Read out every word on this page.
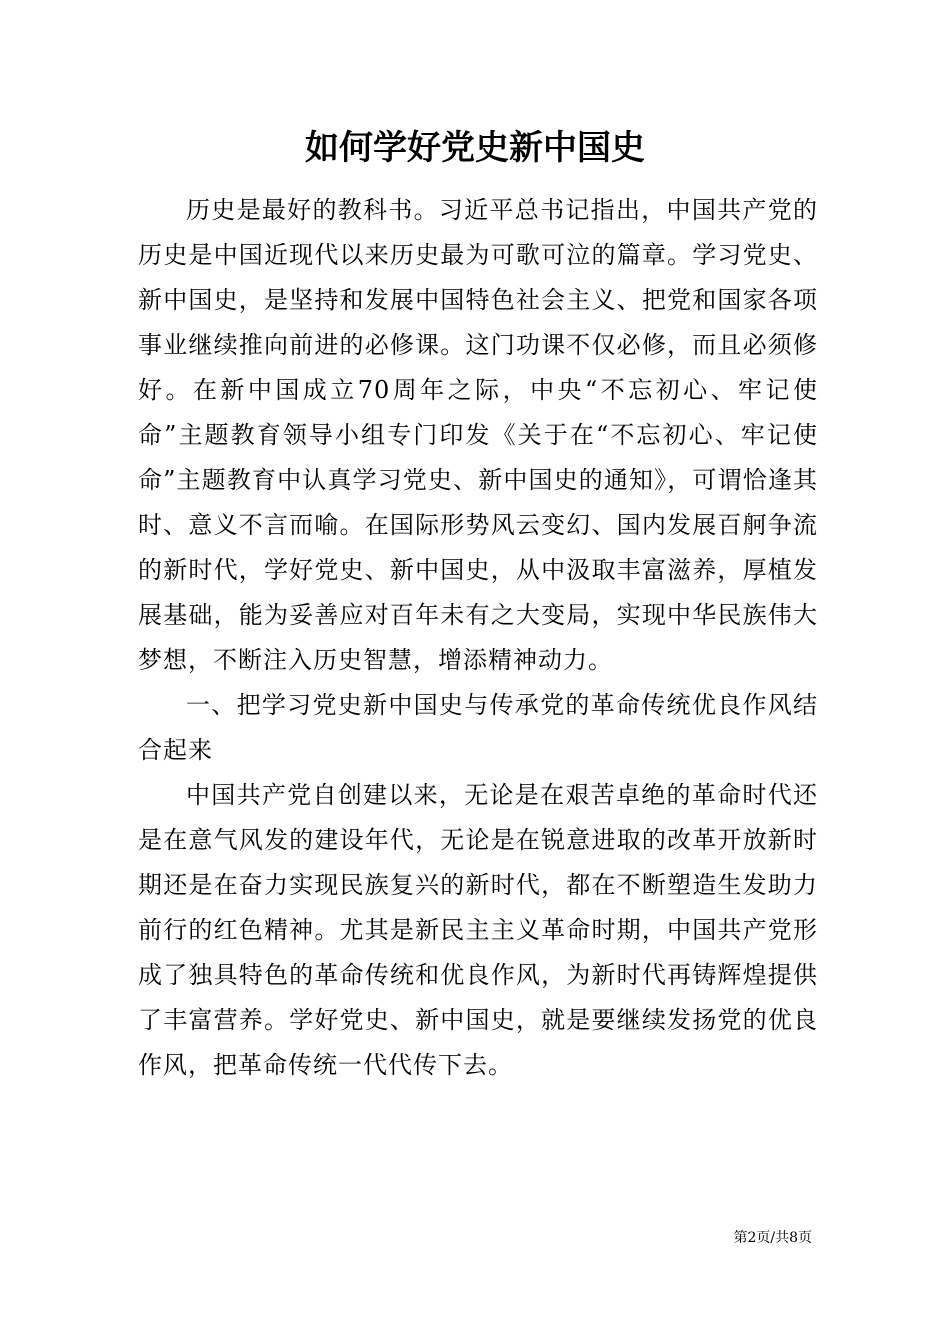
如何学好党史新中国史

历史是最好的教科书。习近平总书记指出，中国共产党的历史是中国近现代以来历史最为可歌可泣的篇章。学习党史、新中国史，是坚持和发展中国特色社会主义、把党和国家各项事业继续推向前进的必修课。这门功课不仅必修，而且必须修好。在新中国成立70周年之际，中央“不忘初心、牢记使命”主题教育领导小组专门印发《关于在“不忘初心、牢记使命”主题教育中认真学习党史、新中国史的通知》，可谓恰逢其时、意义不言而喻。在国际形势风云变幻、国内发展百舸争流的新时代，学好党史、新中国史，从中汲取丰富滋养，厚植发展基础，能为妥善应对百年未有之大变局，实现中华民族伟大梦想，不断注入历史智慧，增添精神动力。

一、把学习党史新中国史与传承党的革命传统优良作风结合起来

中国共产党自创建以来，无论是在艰苦卓绝的革命时代还是在意气风发的建设年代，无论是在锐意进取的改革开放新时期还是在奋力实现民族复兴的新时代，都在不断塑造生发助力前行的红色精神。尤其是新民主主义革命时期，中国共产党形成了独具特色的革命传统和优良作风，为新时代再铸辉煌提供了丰富营养。学好党史、新中国史，就是要继续发扬党的优良作风，把革命传统一代代传下去。

第2页/共8页
